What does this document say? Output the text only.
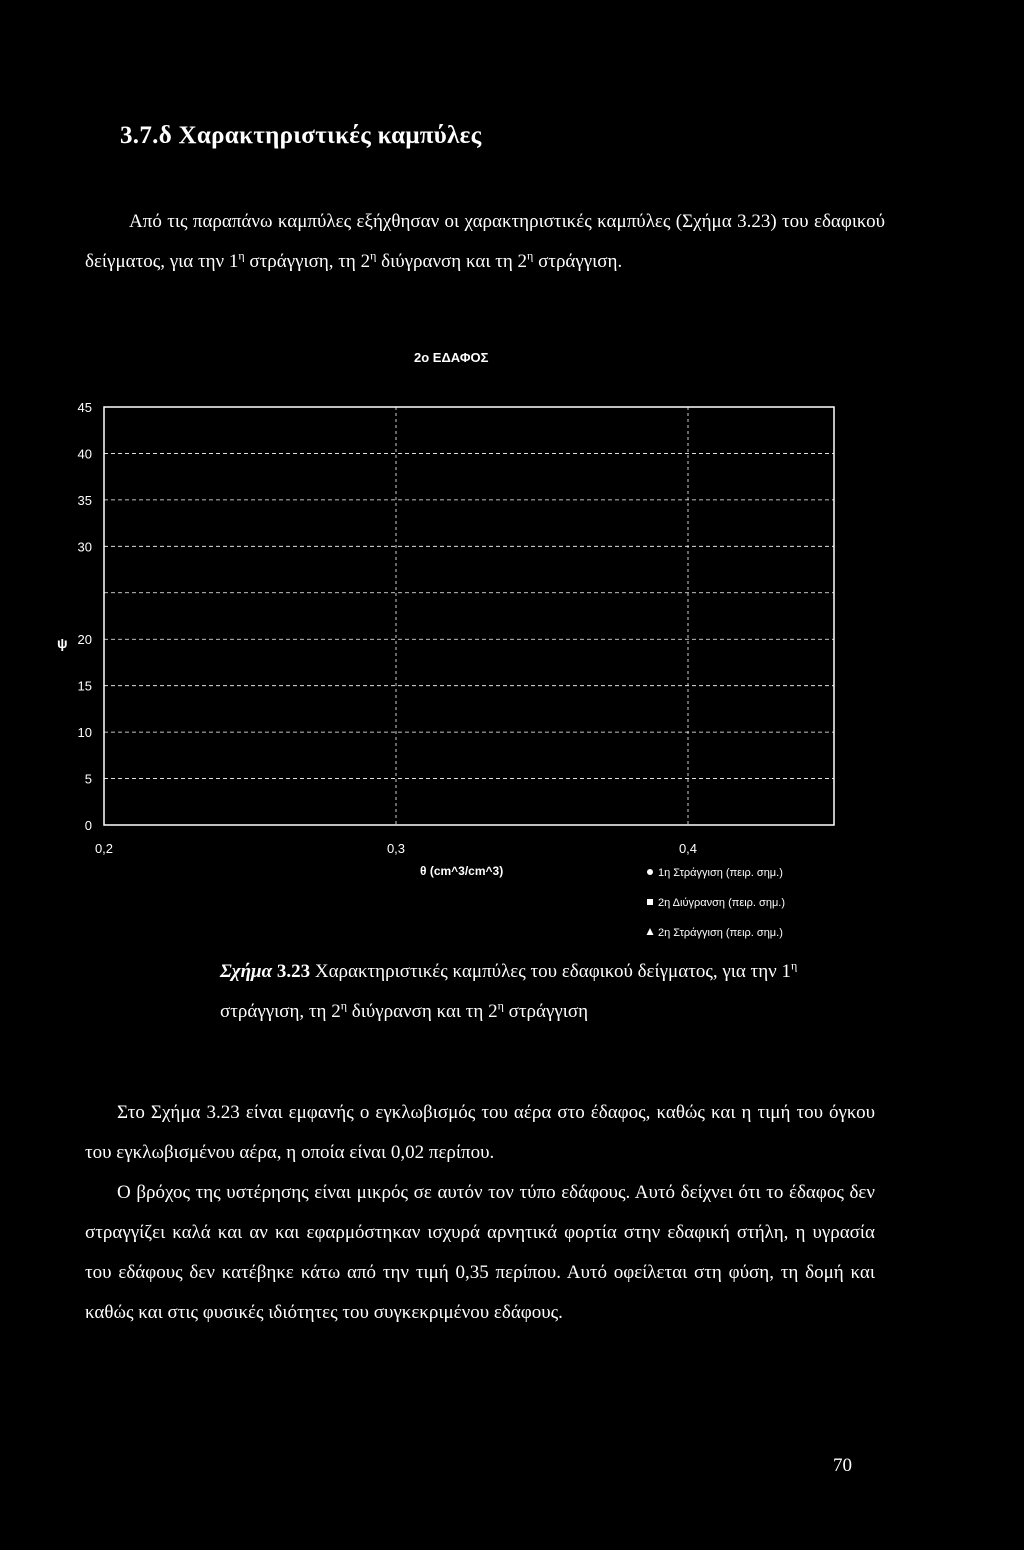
3.7.δ Χαρακτηριστικές καμπύλες
Από τις παραπάνω καμπύλες εξήχθησαν οι χαρακτηριστικές καμπύλες (Σχήμα 3.23) του εδαφικού δείγματος, για την $1^\eta$ στράγγιση, τη $2^\eta$ διύγρανση και τη $2^\eta$ στράγγιση.
2ο ΕΔΑΦΟΣ
0
5
10
15
20
30
35
40
45
0,2	0,3	0,4
ψ
θ (cm^3/cm^3)	1η Στράγγιση (πειρ. σημ.)
2η Διύγρανση (πειρ. σημ.)
2η Στράγγιση (πειρ. σημ.)
Σχήμα 3.23 Χαρακτηριστικές καμπύλες του εδαφικού δείγματος, για την $1^\eta$
στράγγιση, τη $2^\eta$ διύγρανση και τη $2^\eta$ στράγγιση
Στο Σχήμα 3.23 είναι εμφανής ο εγκλωβισμός του αέρα στο έδαφος, καθώς και η τιμή του όγκου του εγκλωβισμένου αέρα, η οποία είναι 0,02 περίπου.
Ο βρόχος της υστέρησης είναι μικρός σε αυτόν τον τύπο εδάφους. Αυτό δείχνει ότι το έδαφος δεν στραγγίζει καλά και αν και εφαρμόστηκαν ισχυρά αρνητικά φορτία στην εδαφική στήλη, η υγρασία του εδάφους δεν κατέβηκε κάτω από την τιμή 0,35 περίπου. Αυτό οφείλεται στη φύση, τη δομή και καθώς και στις φυσικές ιδιότητες του συγκεκριμένου εδάφους.
70
